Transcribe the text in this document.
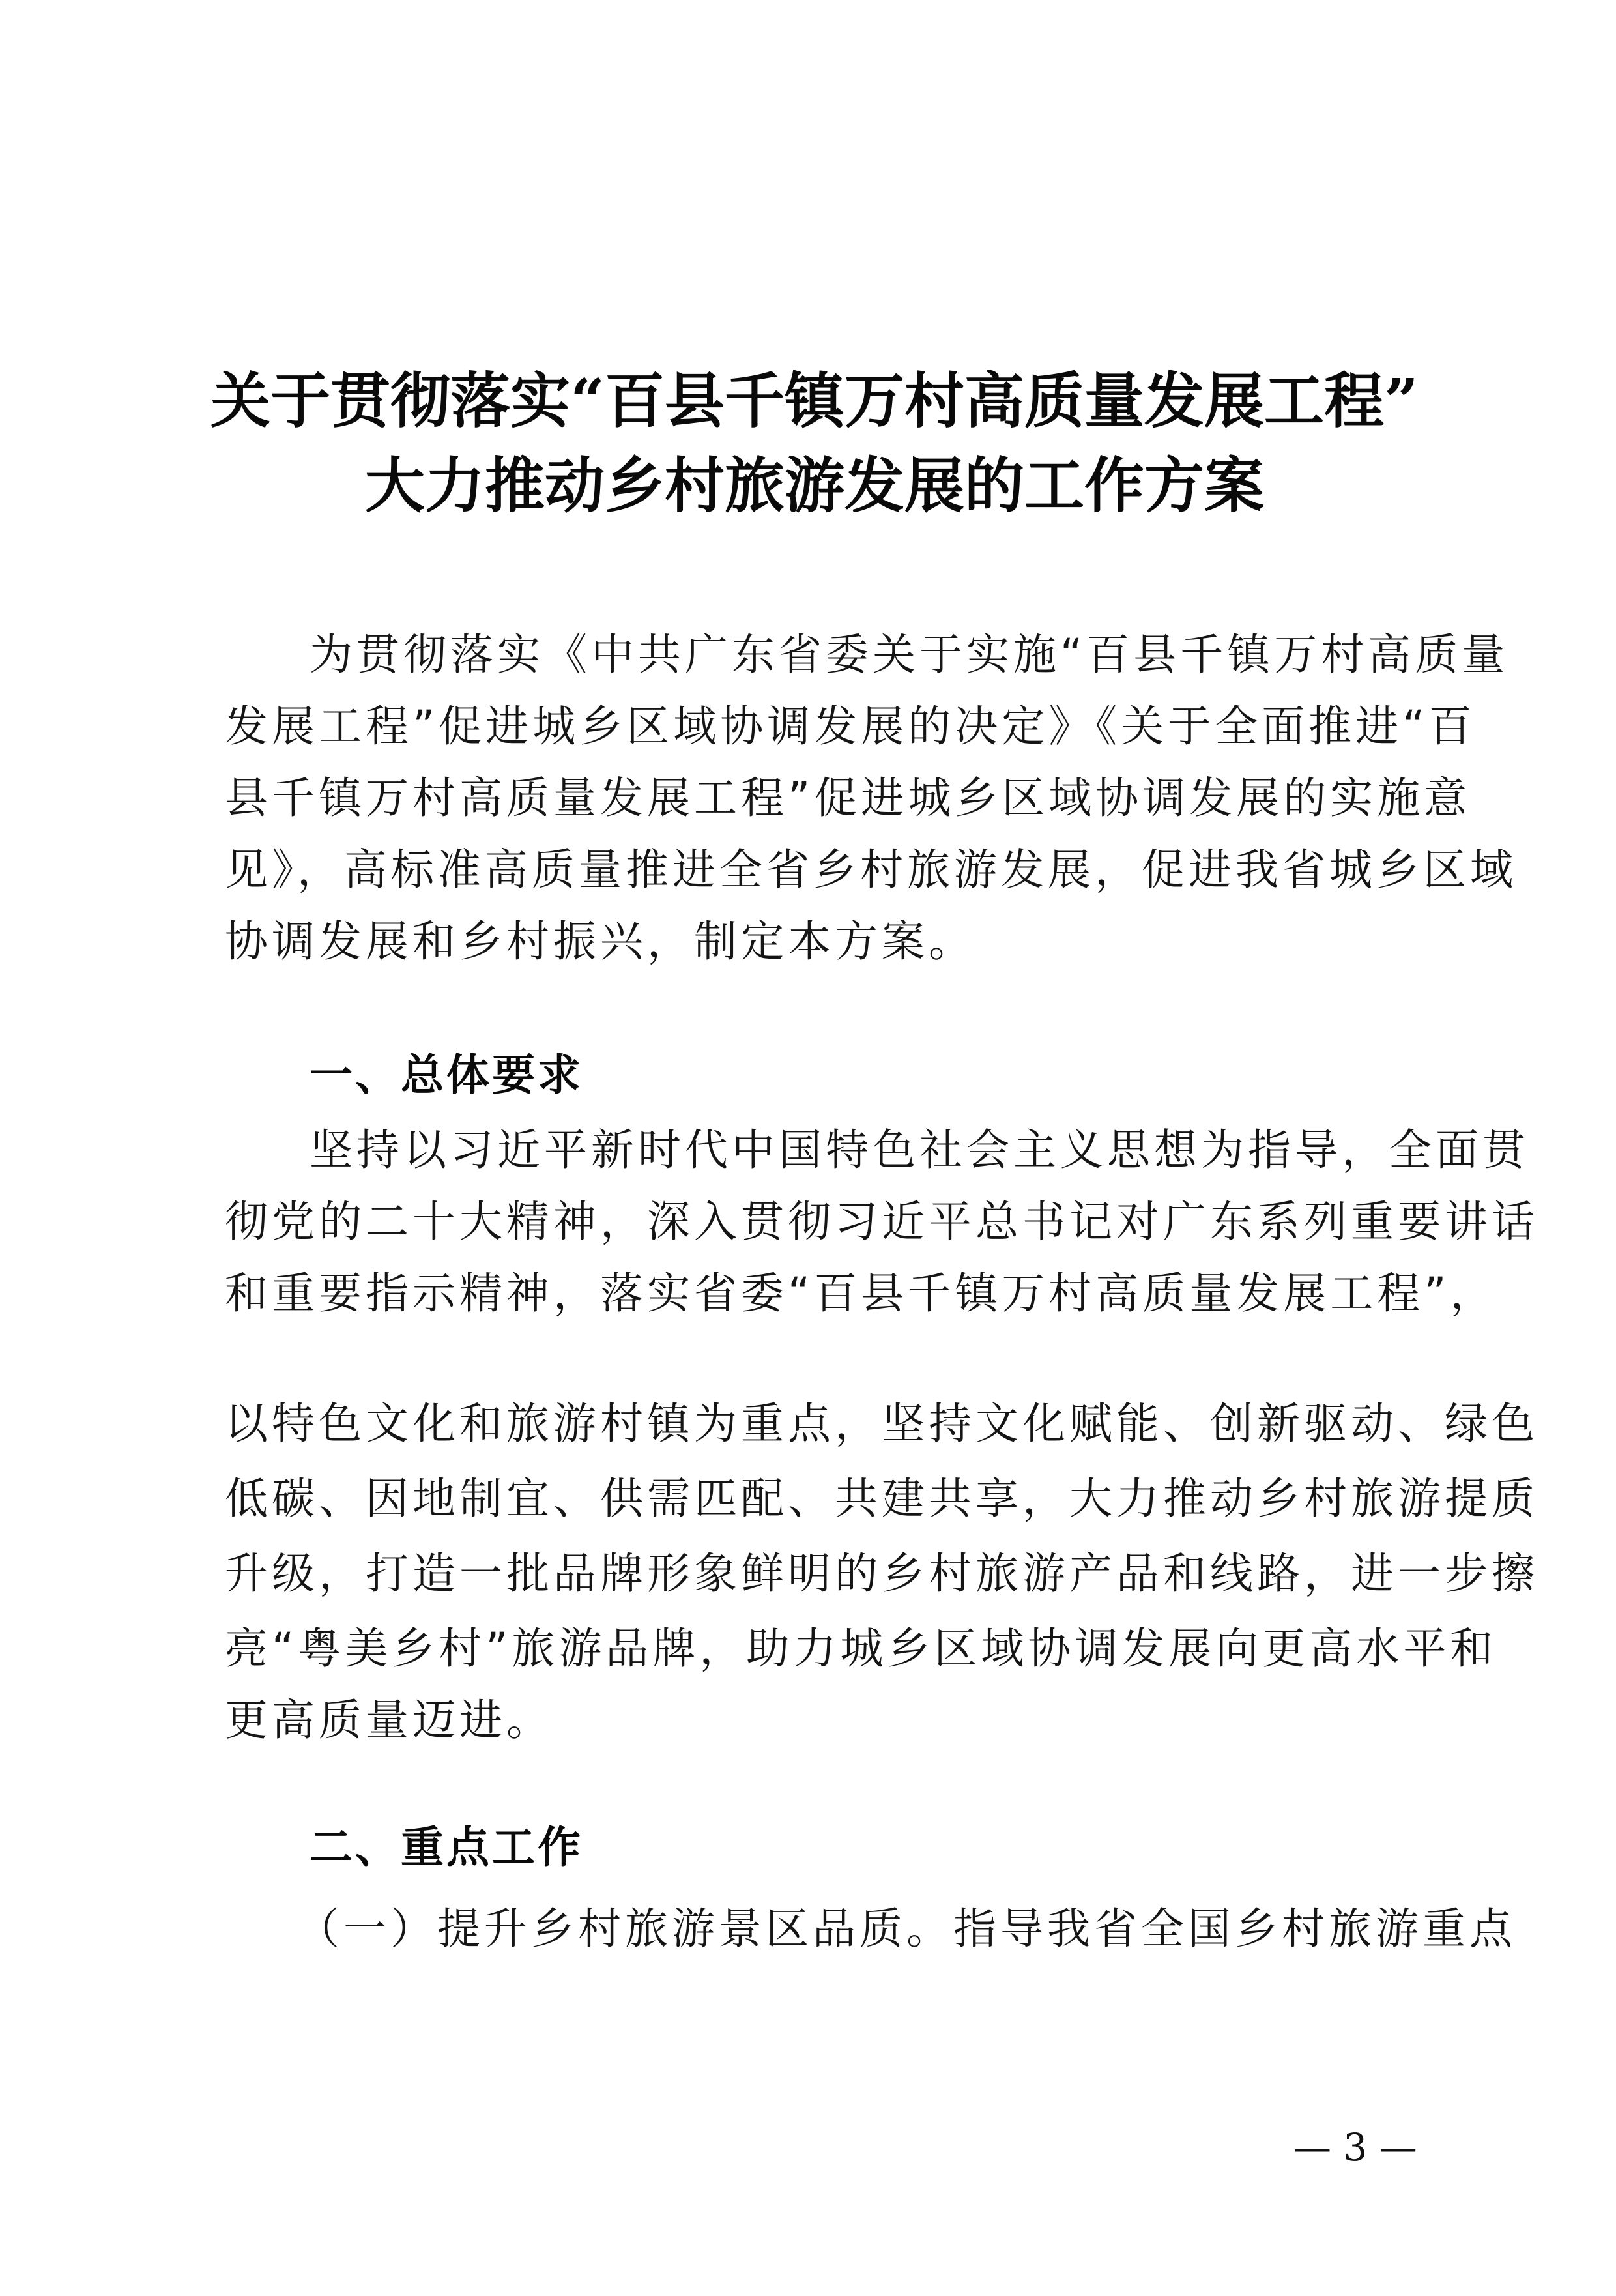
关于贯彻落实“百县千镇万村高质量发展工程”
大力推动乡村旅游发展的工作方案
为贯彻落实《中共广东省委关于实施“百县千镇万村高质量
发展工程”促进城乡区域协调发展的决定》《关于全面推进“百
县千镇万村高质量发展工程”促进城乡区域协调发展的实施意
见》，高标准高质量推进全省乡村旅游发展，促进我省城乡区域
协调发展和乡村振兴，制定本方案。
一、总体要求
坚持以习近平新时代中国特色社会主义思想为指导，全面贯
彻党的二十大精神，深入贯彻习近平总书记对广东系列重要讲话
和重要指示精神，落实省委“百县千镇万村高质量发展工程”，
以特色文化和旅游村镇为重点，坚持文化赋能、创新驱动、绿色
低碳、因地制宜、供需匹配、共建共享，大力推动乡村旅游提质
升级，打造一批品牌形象鲜明的乡村旅游产品和线路，进一步擦
亮“粤美乡村”旅游品牌，助力城乡区域协调发展向更高水平和
更高质量迈进。
二、重点工作
（一）提升乡村旅游景区品质。指导我省全国乡村旅游重点
— 3 —
